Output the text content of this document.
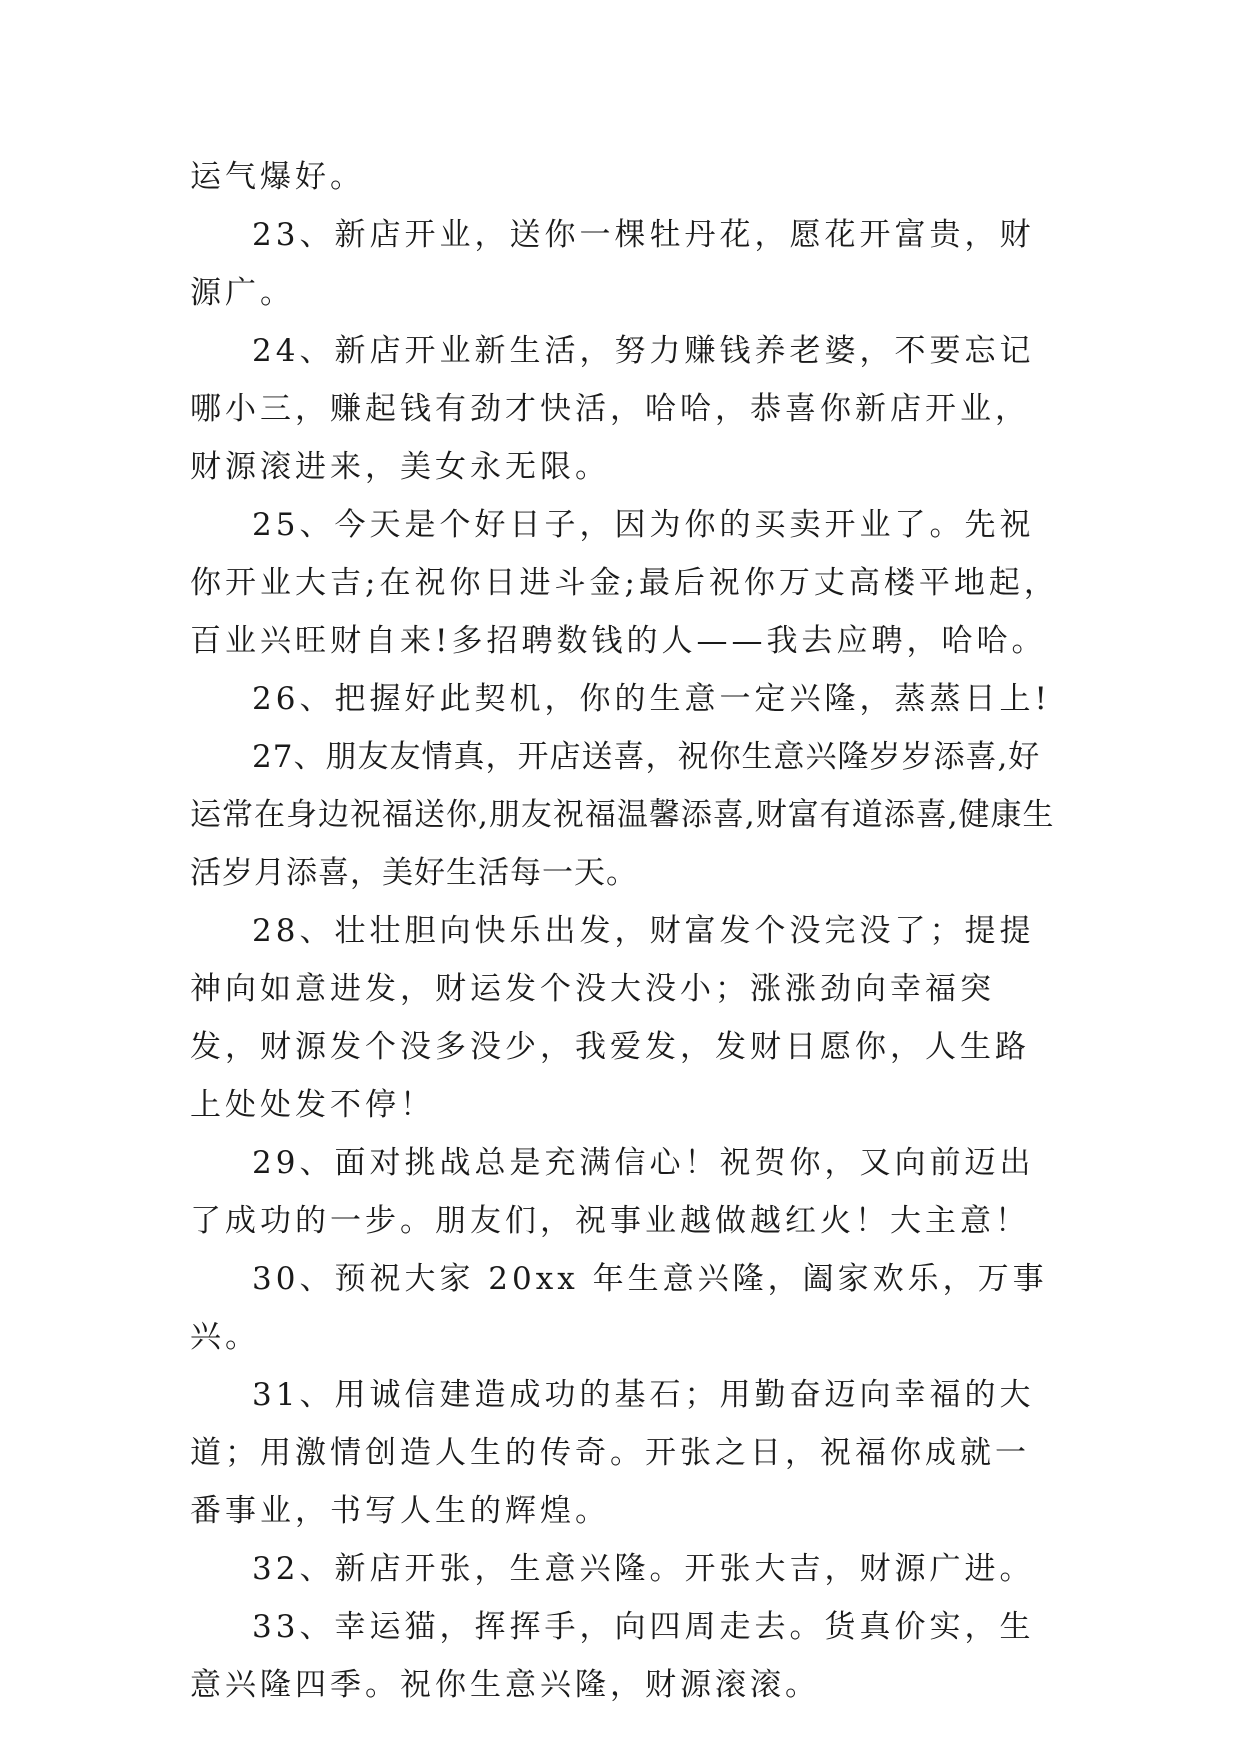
运气爆好。

23、新店开业，送你一棵牡丹花，愿花开富贵，财源广。

24、新店开业新生活，努力赚钱养老婆，不要忘记哪小三，赚起钱有劲才快活，哈哈，恭喜你新店开业，财源滚进来，美女永无限。

25、今天是个好日子，因为你的买卖开业了。先祝你开业大吉;在祝你日进斗金;最后祝你万丈高楼平地起，百业兴旺财自来!多招聘数钱的人——我去应聘，哈哈。

26、把握好此契机，你的生意一定兴隆，蒸蒸日上!

27、朋友友情真，开店送喜，祝你生意兴隆岁岁添喜,好运常在身边祝福送你,朋友祝福温馨添喜,财富有道添喜,健康生活岁月添喜，美好生活每一天。

28、壮壮胆向快乐出发，财富发个没完没了；提提神向如意进发，财运发个没大没小；涨涨劲向幸福突发，财源发个没多没少，我爱发，发财日愿你，人生路上处处发不停！

29、面对挑战总是充满信心！祝贺你，又向前迈出了成功的一步。朋友们，祝事业越做越红火！大主意！

30、预祝大家 20xx 年生意兴隆，阖家欢乐，万事兴。

31、用诚信建造成功的基石；用勤奋迈向幸福的大道；用激情创造人生的传奇。开张之日，祝福你成就一番事业，书写人生的辉煌。

32、新店开张，生意兴隆。开张大吉，财源广进。

33、幸运猫，挥挥手，向四周走去。货真价实，生意兴隆四季。祝你生意兴隆，财源滚滚。
